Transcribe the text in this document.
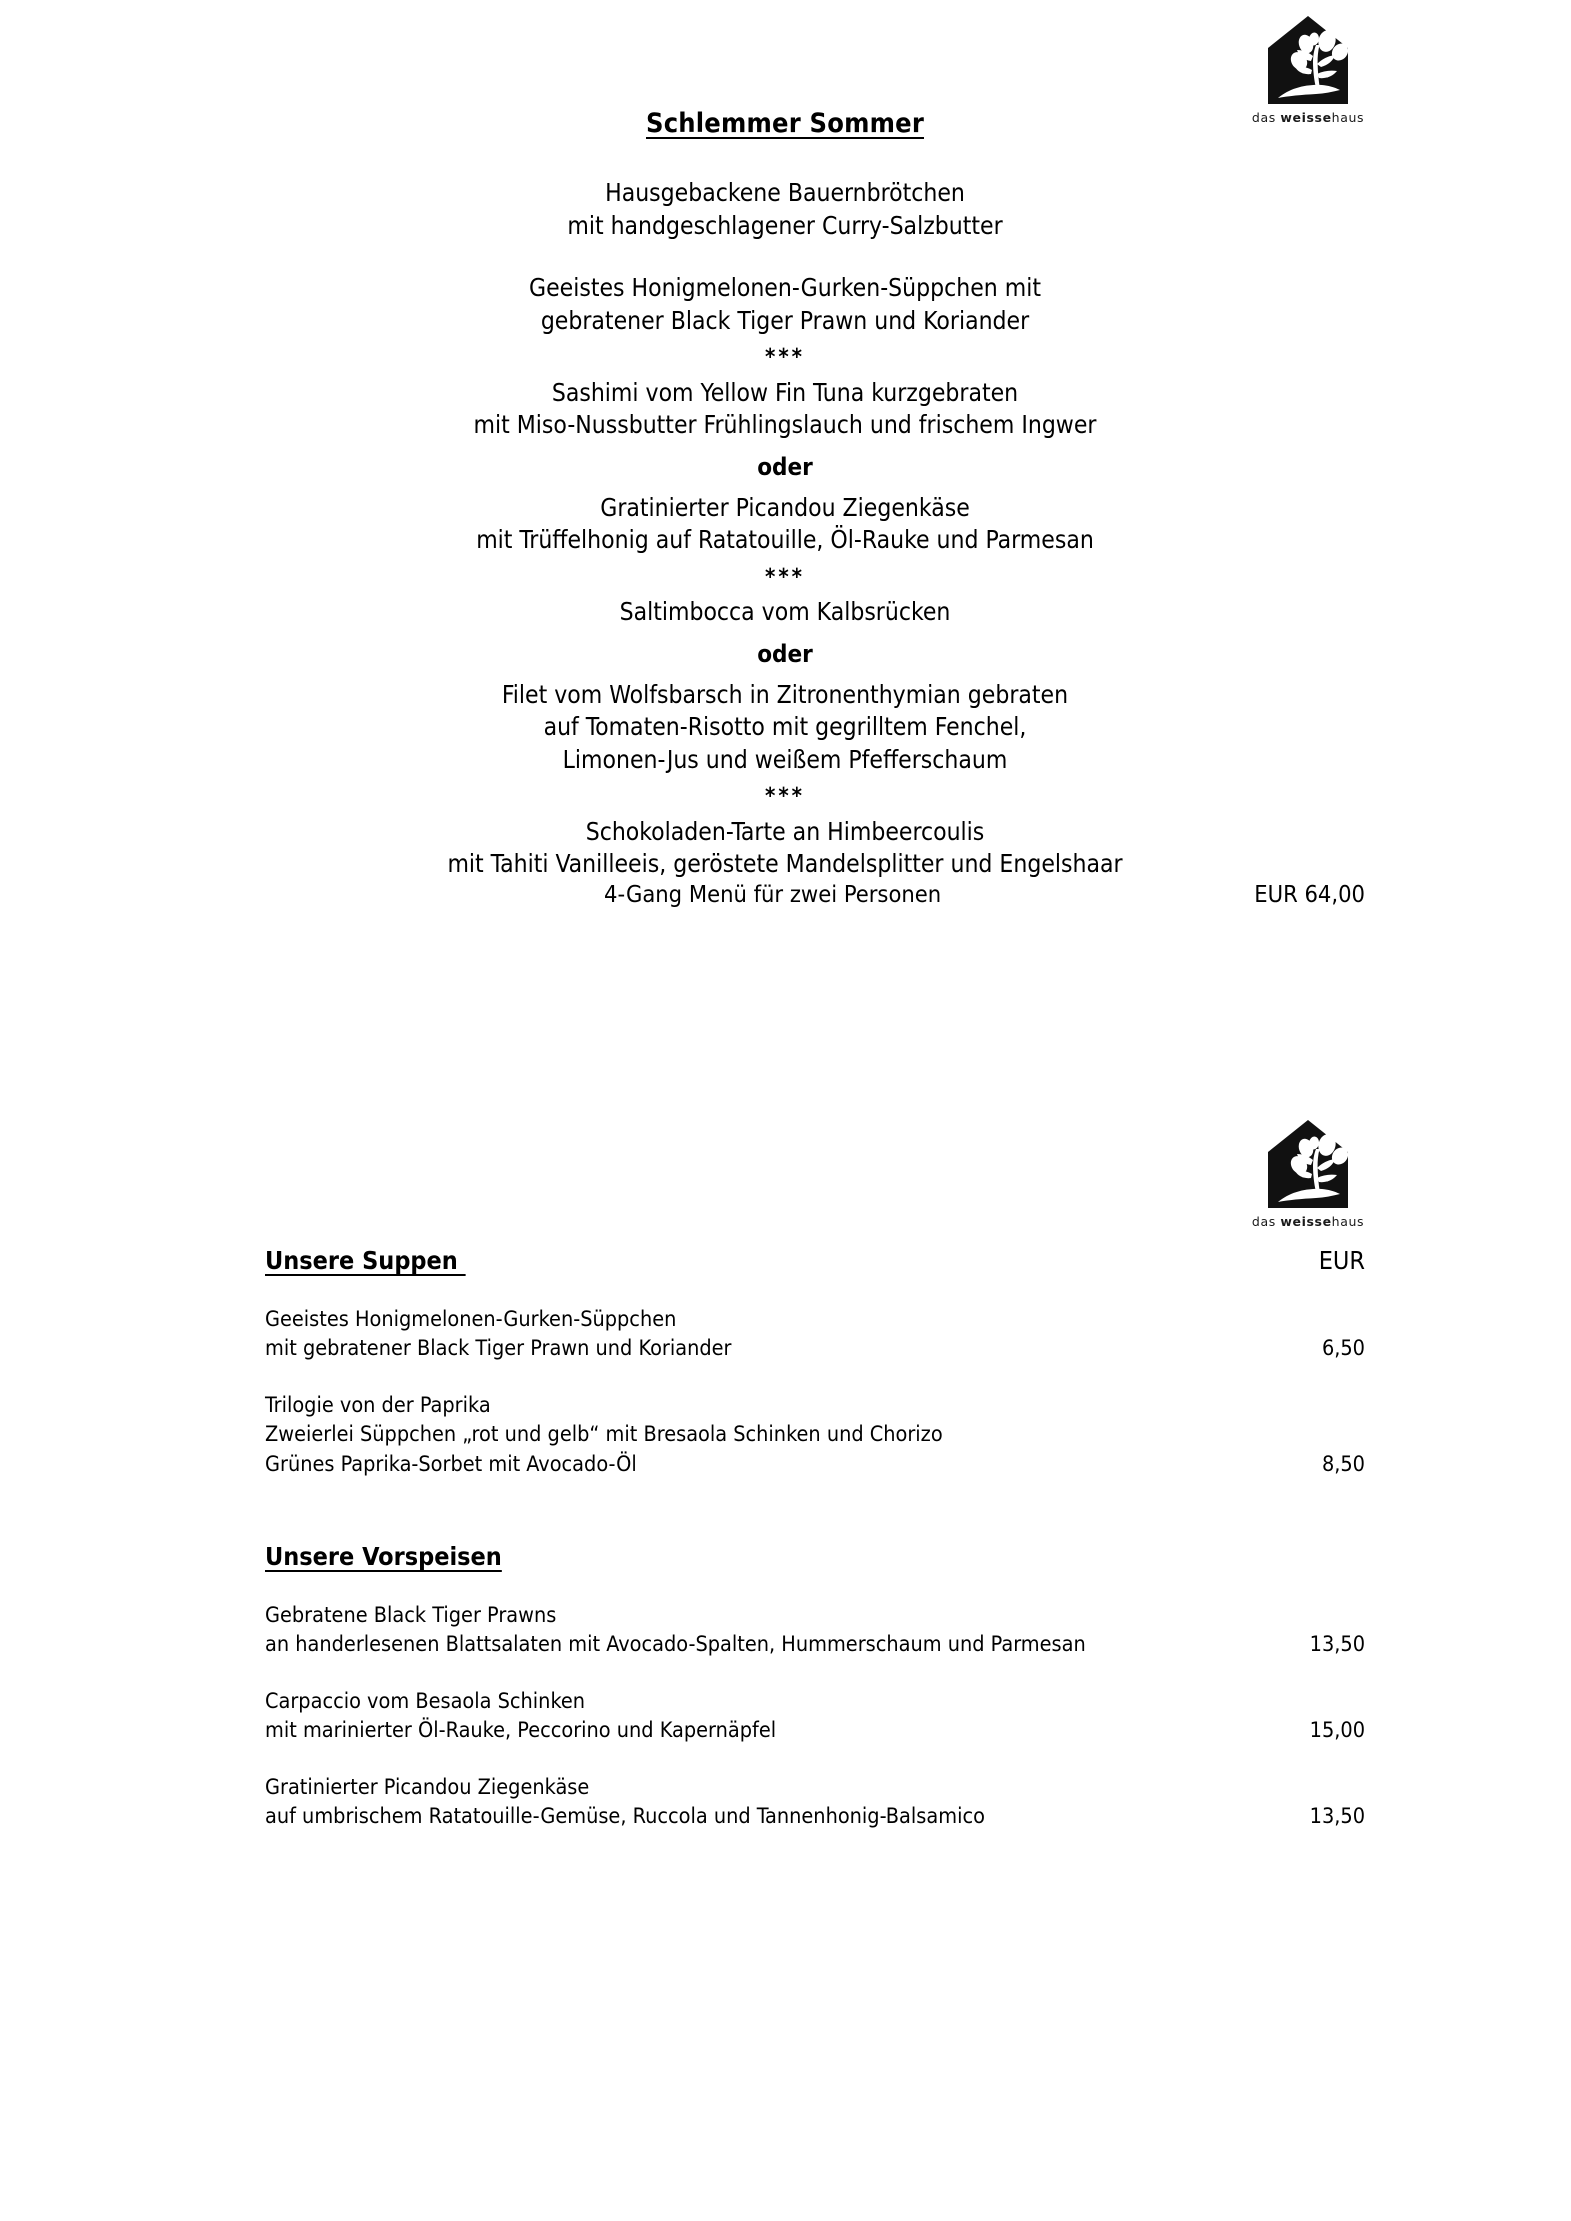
das weissehaus
Schlemmer Sommer
Hausgebackene Bauernbrötchen
mit handgeschlagener Curry-Salzbutter
Geeistes Honigmelonen-Gurken-Süppchen mit
gebratener Black Tiger Prawn und Koriander
***
Sashimi vom Yellow Fin Tuna kurzgebraten
mit Miso-Nussbutter Frühlingslauch und frischem Ingwer
oder
Gratinierter Picandou Ziegenkäse
mit Trüffelhonig auf Ratatouille, Öl-Rauke und Parmesan
***
Saltimbocca vom Kalbsrücken
oder
Filet vom Wolfsbarsch in Zitronenthymian gebraten
auf Tomaten-Risotto mit gegrilltem Fenchel,
Limonen-Jus und weißem Pfefferschaum
***
Schokoladen-Tarte an Himbeercoulis
mit Tahiti Vanilleeis, geröstete Mandelsplitter und Engelshaar
4-Gang Menü für zwei Personen	EUR 64,00
das weissehaus
Unsere Suppen	EUR
Geeistes Honigmelonen-Gurken-Süppchen
mit gebratener Black Tiger Prawn und Koriander	6,50
Trilogie von der Paprika
Zweierlei Süppchen „rot und gelb“ mit Bresaola Schinken und Chorizo
Grünes Paprika-Sorbet mit Avocado-Öl	8,50
Unsere Vorspeisen
Gebratene Black Tiger Prawns
an handerlesenen Blattsalaten mit Avocado-Spalten, Hummerschaum und Parmesan	13,50
Carpaccio vom Besaola Schinken
mit marinierter Öl-Rauke, Peccorino und Kapernäpfel	15,00
Gratinierter Picandou Ziegenkäse
auf umbrischem Ratatouille-Gemüse, Ruccola und Tannenhonig-Balsamico	13,50
